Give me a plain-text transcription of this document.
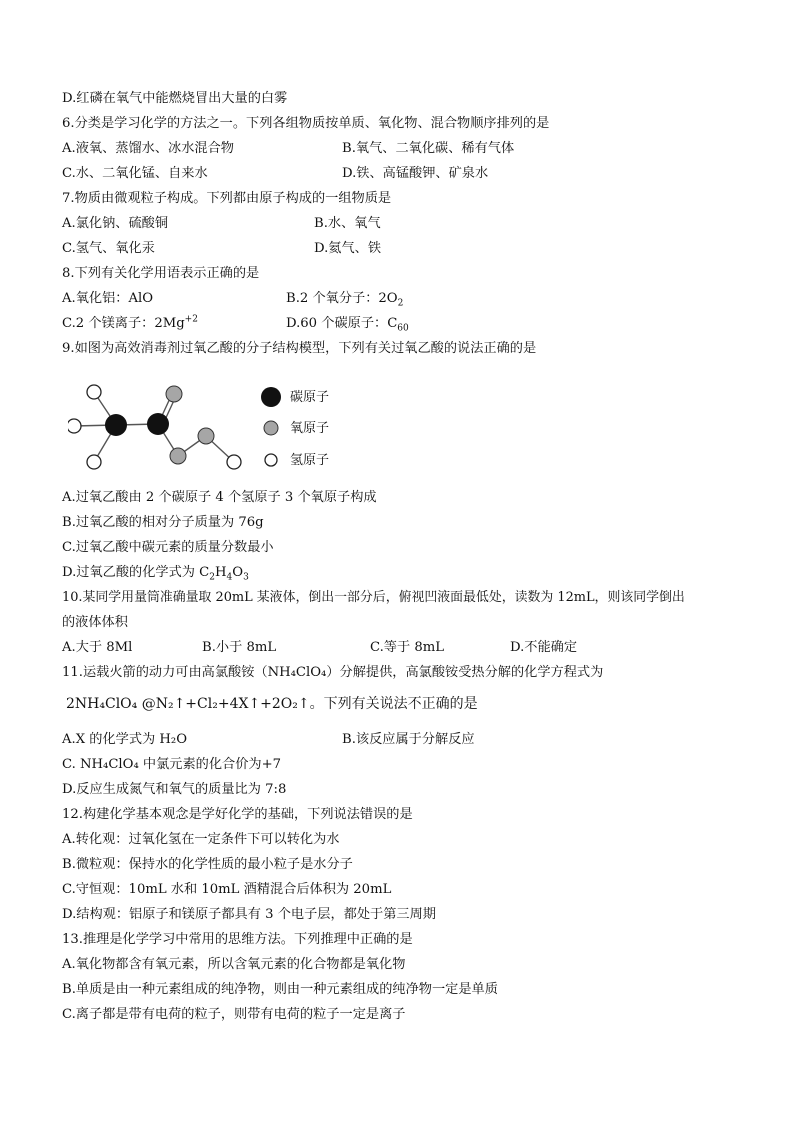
D.红磷在氧气中能燃烧冒出大量的白雾
6.分类是学习化学的方法之一。下列各组物质按单质、氧化物、混合物顺序排列的是
A.液氧、蒸馏水、冰水混合物	B.氧气、二氧化碳、稀有气体
C.水、二氧化锰、自来水	D.铁、高锰酸钾、矿泉水
7.物质由微观粒子构成。下列都由原子构成的一组物质是
A.氯化钠、硫酸铜	B.水、氧气
C.氢气、氧化汞	D.氦气、铁
8.下列有关化学用语表示正确的是
A.氧化铝：AlO	B.2 个氧分子：$2O_2$
C.2 个镁离子：$2Mg^{+2}$	D.60 个碳原子：$C_{60}$
9.如图为高效消毒剂过氧乙酸的分子结构模型，下列有关过氧乙酸的说法正确的是
碳原子
氧原子
氢原子
A.过氧乙酸由 2 个碳原子 4 个氢原子 3 个氧原子构成
B.过氧乙酸的相对分子质量为 76g
C.过氧乙酸中碳元素的质量分数最小
D.过氧乙酸的化学式为 $C_2H_4O_3$
10.某同学用量筒准确量取 20mL 某液体，倒出一部分后，俯视凹液面最低处，读数为 12mL，则该同学倒出
的液体体积
A.大于 8Ml	B.小于 8mL	C.等于 8mL	D.不能确定
11.运载火箭的动力可由高氯酸铵（NH₄ClO₄）分解提供，高氯酸铵受热分解的化学方程式为
2NH₄ClO₄ @N₂↑+Cl₂+4X↑+2O₂↑。下列有关说法不正确的是
A.X 的化学式为 H₂O	B.该反应属于分解反应
C. NH₄ClO₄ 中氯元素的化合价为+7
D.反应生成氮气和氧气的质量比为 7:8
12.构建化学基本观念是学好化学的基础，下列说法错误的是
A.转化观：过氧化氢在一定条件下可以转化为水
B.微粒观：保持水的化学性质的最小粒子是水分子
C.守恒观：10mL 水和 10mL 酒精混合后体积为 20mL
D.结构观：铝原子和镁原子都具有 3 个电子层，都处于第三周期
13.推理是化学学习中常用的思维方法。下列推理中正确的是
A.氧化物都含有氧元素，所以含氧元素的化合物都是氧化物
B.单质是由一种元素组成的纯净物，则由一种元素组成的纯净物一定是单质
C.离子都是带有电荷的粒子，则带有电荷的粒子一定是离子
